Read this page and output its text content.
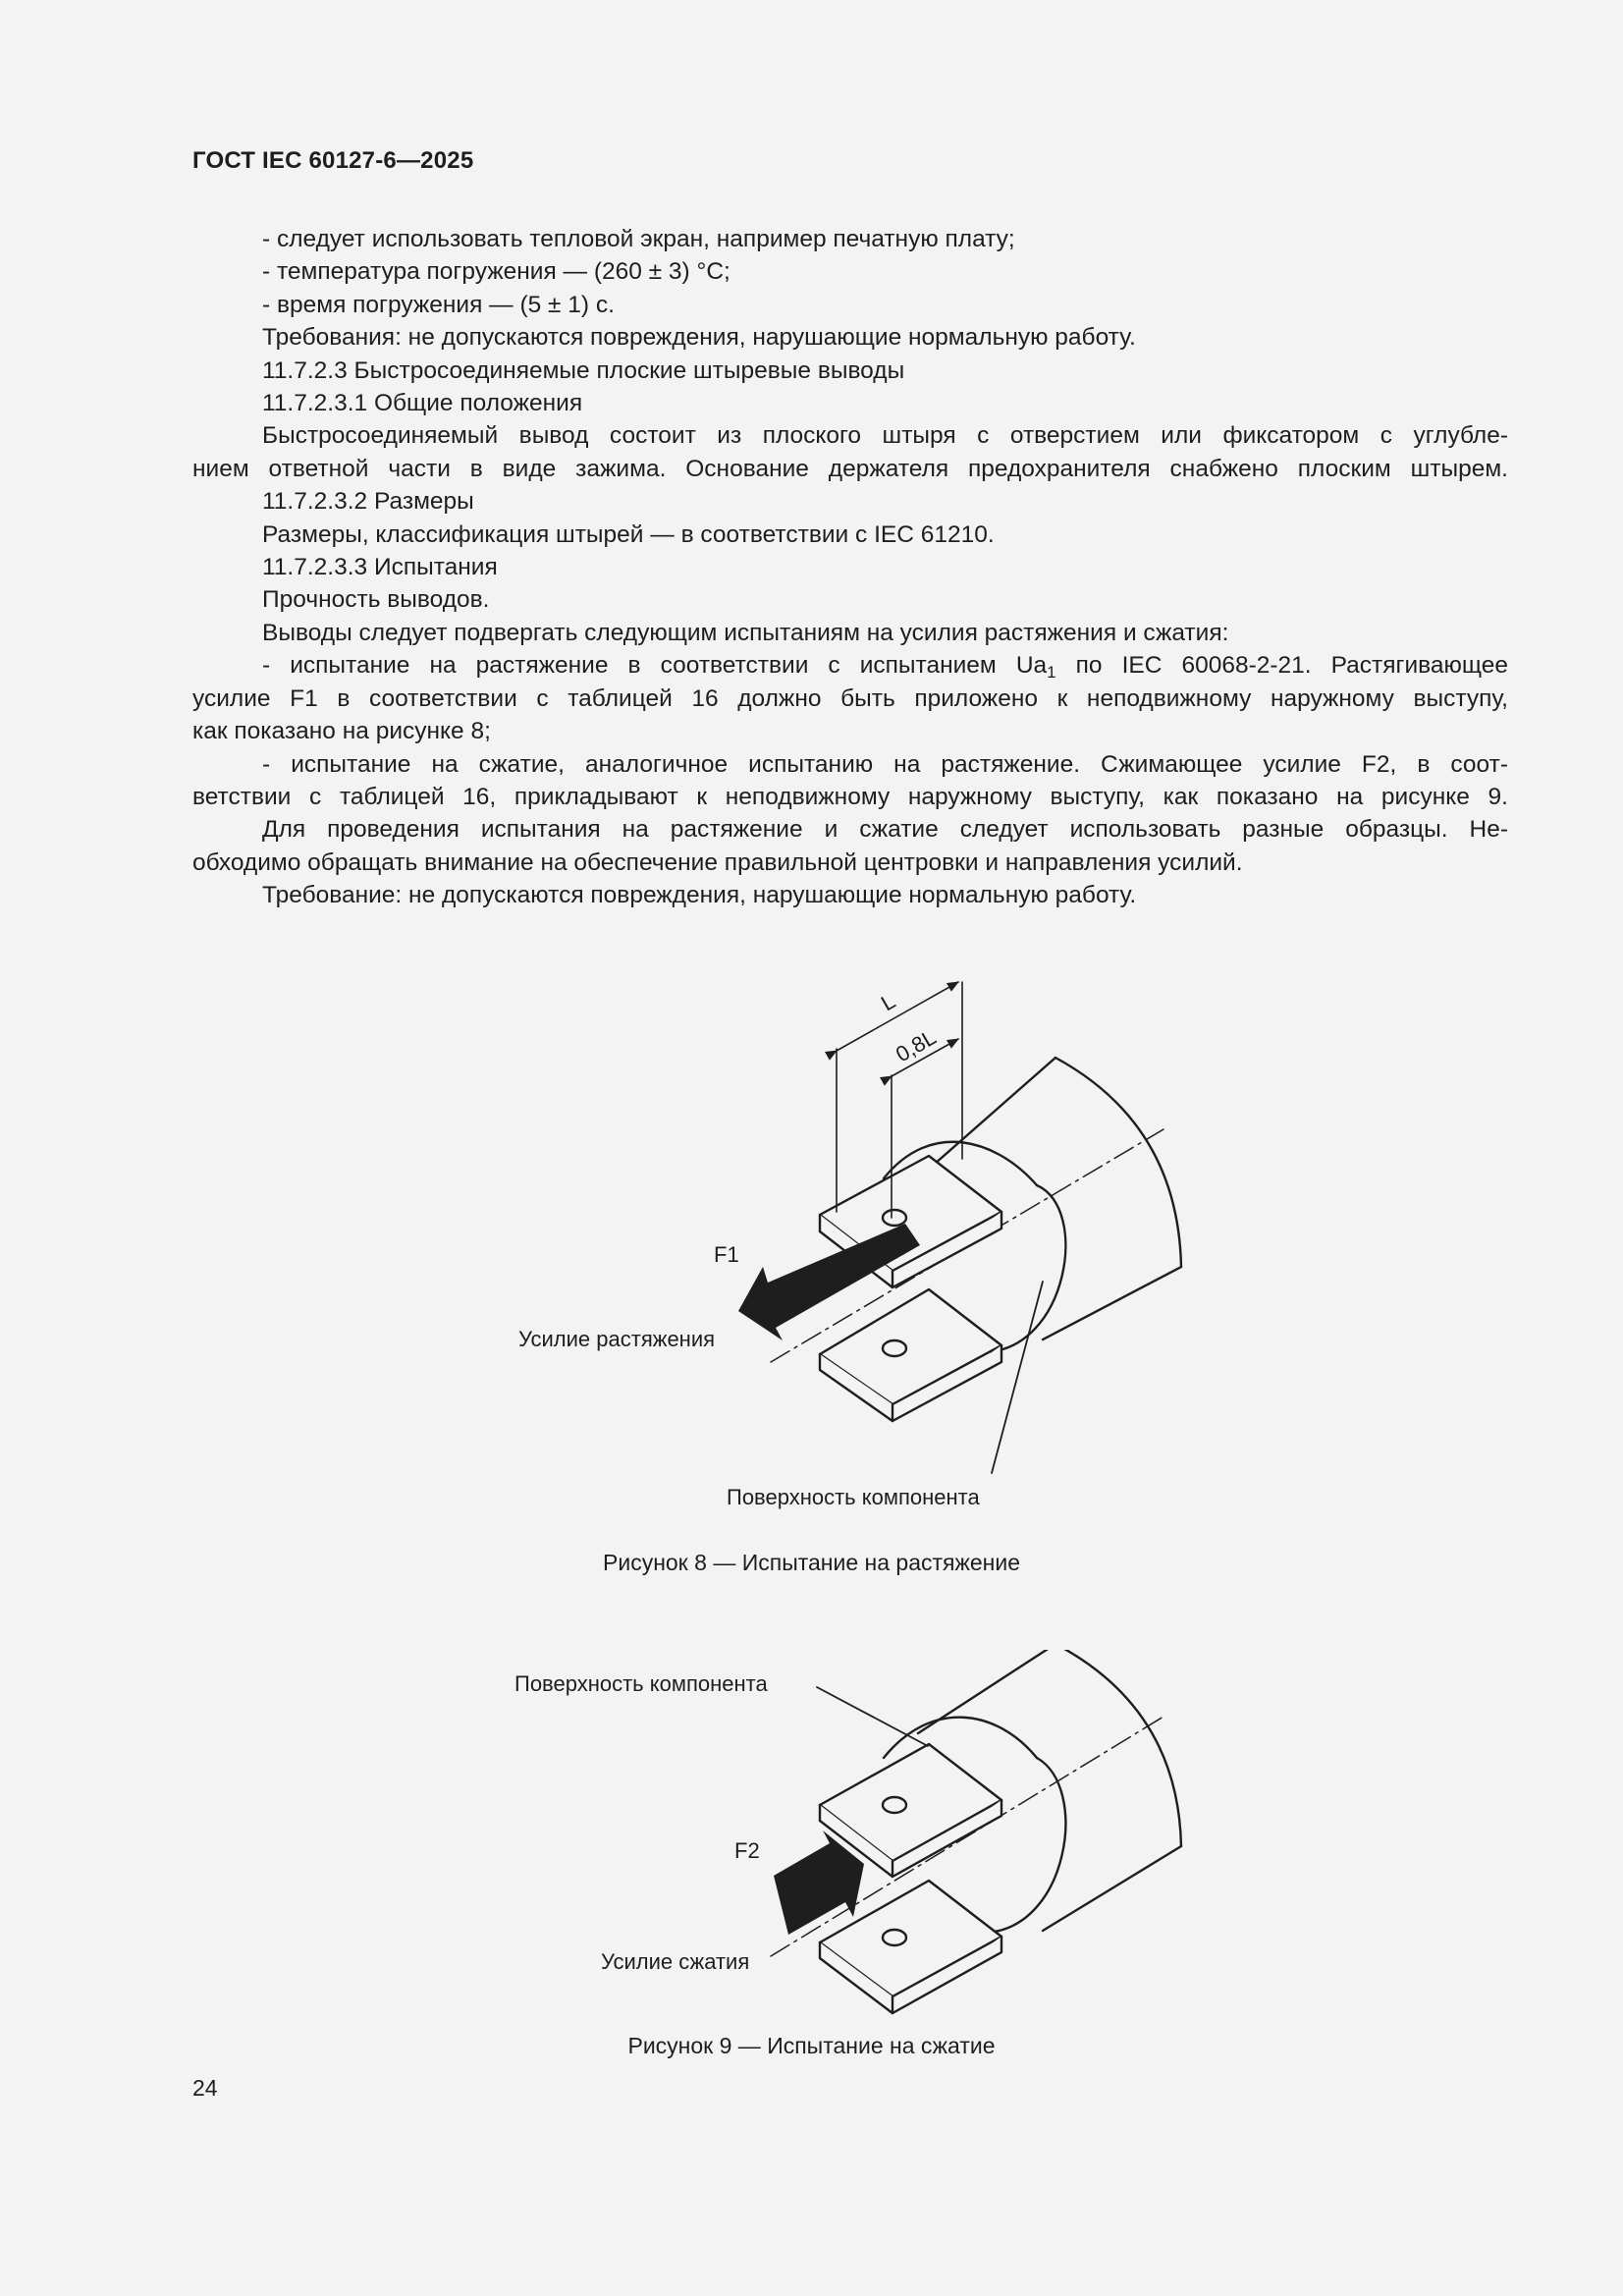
ГОСТ IEC 60127-6—2025

- следует использовать тепловой экран, например печатную плату;

- температура погружения — (260 ± 3) °С;

- время погружения — (5 ± 1) с.

Требования: не допускаются повреждения, нарушающие нормальную работу.

11.7.2.3 Быстросоединяемые плоские штыревые выводы

11.7.2.3.1 Общие положения

Быстросоединяемый вывод состоит из плоского штыря с отверстием или фиксатором с углубле-

нием ответной части в виде зажима. Основание держателя предохранителя снабжено плоским штырем.

11.7.2.3.2 Размеры

Размеры, классификация штырей — в соответствии с IEC 61210.

11.7.2.3.3 Испытания

Прочность выводов.

Выводы следует подвергать следующим испытаниям на усилия растяжения и сжатия:

- испытание на растяжение в соответствии с испытанием $Ua_1$ по IEC 60068-2-21. Растягивающее

усилие F1 в соответствии с таблицей 16 должно быть приложено к неподвижному наружному выступу,

как показано на рисунке 8;

- испытание на сжатие, аналогичное испытанию на растяжение. Сжимающее усилие F2, в соот-

ветствии с таблицей 16, прикладывают к неподвижному наружному выступу, как показано на рисунке 9.

Для проведения испытания на растяжение и сжатие следует использовать разные образцы. Не-

обходимо обращать внимание на обеспечение правильной центровки и направления усилий.

Требование: не допускаются повреждения, нарушающие нормальную работу.

L
0,8L
F1
Усилие растяжения
Поверхность компонента
Рисунок 8 — Испытание на растяжение
Поверхность компонента
F2
Усилие сжатия
Рисунок 9 — Испытание на сжатие
24
